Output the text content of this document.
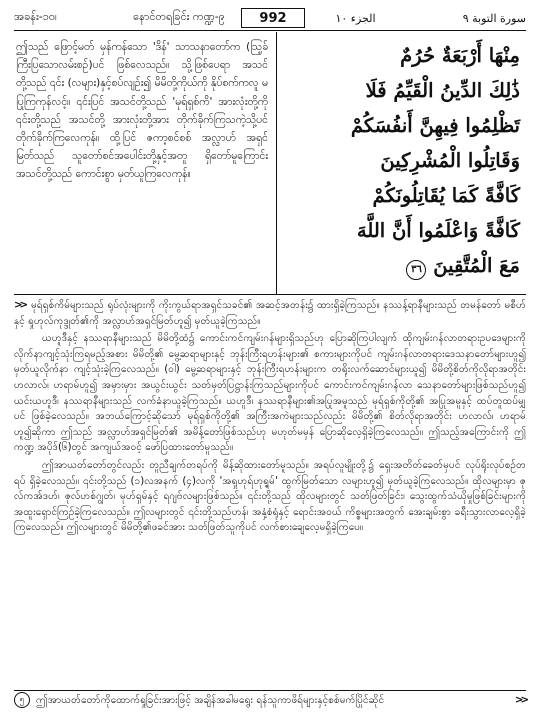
အခန်း-၁၀၊	နောင်တရခြင်း ကဏ္ဍ-၉	992	الجزء ١٠	سورة التوبة ٩
ဤသည် ဖြောင့်မတ် မှန်ကန်သော 'ဒိန်' သာသနာတော်က (ဩ့ခ်ကြီးပြသောလမ်းစဉ်)ပင် ဖြစ်လေသည်။ သို့ဖြစ်ပေရာ အသင်တို့သည် ၎င်း (လများ)နှင့်စပ်လျဉ်း၍ မိမိတို့ကိုယ်ကို နိုပ်စက်ကလူ မပြုကြကုန်လင့်။ ၎င်းပြင် အသင်တို့သည် 'မုရ်ရှစ်ကိ' အားလုံးတို့ကို ၎င်းတို့သည် အသင်တို့ အားလုံးတို့အား တိုက်ခိုက်ကြသကဲ့သို့ပင် တိုက်ခိုက်ကြလေကုန်။ ထို့ပြင် ဇကာ့စင်စစ် အလ္လာဟ် အရှင်မြတ်သည် သူတော်စင်အပေါင်းတို့နှင့်အတူ ရှိတော်မူကြောင်း အသင်တို့သည် ကောင်းစွာ မှတ်ယူကြလေကုန်။
مِنْهَا أَرْبَعَةٌ حُرُمٌ
ذَٰلِكَ الدِّينُ الْقَيِّمُ فَلَا
تَظْلِمُوا فِيهِنَّ أَنفُسَكُمْ
وَقَاتِلُوا الْمُشْرِكِينَ
كَافَّةً كَمَا يُقَاتِلُونَكُمْ
كَافَّةً وَاعْلَمُوا أَنَّ اللَّهَ
مَعَ الْمُتَّقِينَ ٣٦

>> မုရ်ရှစ်ကိမ်များသည် ရုပ်လုံးများကို ကိုးကွယ်ရာအရှင်သခင်၏ အဆင့်အတန်း၌ ထားရှိခဲ့ကြသည်။ နဿန့်ရာနီများသည် တမန်တော် မစီဟ်နှင့် ရှုဟုလ်ကုဒ္ဒုတ်၏ကို အလ္လာဟ်အရှင်မြတ်ဟူ၍ မှတ်ယူခဲ့ကြသည်။

ယဟူဒီနှင့် နဿရာနီများသည် မိမိတို့ထံ၌ ကောင်းကင်ကျမ်းဂန်များရှိသည်ဟု ပြောဆိုကြပါလျက် ထိုကျမ်းဂန်လာတရားဥပဒေများကို လိုက်နာကျင့်သုံးကြရမည့်အစား မိမိတို့၏ မွေ့ဆရာများနှင့် ဘုန်းကြီးရဟန်းများ၏ စကားများကိုပင် ကျမ်းဂန်လာတရားဒေသနာတော်များဟူ၍ မှတ်ယူလိုက်နာ ကျင့်သုံးခဲ့ကြလေသည်။ (ဝါ) မွေ့ဆရာများနှင့် ဘုန်းကြီးရဟန်းများက တရိုးလက်ဆောင်များယူ၍ မိမိတို့စိတ်ကိုလိုရာအတိုင်း ဟလာလ်၊ ဟရာမ်ဟူ၍ အမှားမှား အယွင်းယွင်း သတ်မှတ်ပြဋ္ဌာန်းကြသည်များကိုပင် ကောင်းကင်ကျမ်းဂန်လာ သေနာတော်များဖြစ်သည်ဟူ၍ ယင်းယဟူဒီ၊ နဿရာနီများသည် လက်ခံနာယူခဲ့ကြသည်။ ယဟူဒီ၊ နဿရာနီများ၏အပြုအမူသည် မုရ်ရှစ်ကိုတို့၏ အပြုအမူနှင့် ထပ်တူထပ်မျှပင် ဖြစ်ခဲ့လေသည်။ အဘယ်ကြောင့်ဆိုသော် မုရ်ရှစ်ကိုတို့၏ အကြီးအကဲများသည်လည်း မိမိတို့၏ စိတ်လိုရာအတိုင်း ဟလာလ်၊ ဟရာမ်ဟူ၍ဆိုကာ ဤသည် အလ္လာဟ်အရှင်မြတ်၏ အမိန့်တော်ဖြစ်သည်ဟု မဟုတ်မမှန် ပြောဆိုလေ့ရှိခဲ့ကြလေသည်။ ဤသည့်အကြောင်းကို ဤကဏ္ဍ အပိုဒ်(၆)တွင် အကျယ်အဝင့် ဖော်ပြထားတော်မူသည်။

ဤအာယတ်တော်တွင်လည်း တူညီချက်တရပ်ကို မိန့်ဆိုထားတော်မူသည်။ အရပ်လူမျိုးတို့၌ ရှေးအတိတ်ခေတ်မှပင် လုပ်ရိုးလုပ်စဉ်တရပ် ရှိခဲ့လေသည်။ ၎င်းတို့သည် (၁)လအနက် (၄)လကို 'အရှုဟုရ်ဟုရ္ရမ်' ထွက်မြတ်သော လများဟူ၍ မှတ်ယူခဲ့ကြလေသည်။ ထိုလများမှာ ဇုလ်ကအ်ဒဟ်၊ ဇုလ်ဟစ်ဂျွတ်၊ မုဟ်ရှမ်နှင့် ရဂျဗ်လများဖြစ်သည်။ ၎င်းတို့သည် ထိုလများတွင် သတ်ဖြတ်ခြင်း၊ သွေးထွက်သံယိုမှုဖြစ်ခြင်းများကို အထူးရှောင်ကြဉ်ခဲ့ကြလေသည်။ ဤလများတွင် ၎င်းတို့သည်ဟန်၊ အနှံ့စံရုံနှင့် ရောင်းအဝယ် ကိစ္စများအတွက် အေးချမ်းစွာ ခရီးသွားလာလေ့ရှိခဲ့ကြလေသည်။ ဤလများတွင် မိမိတို့၏ဖခင်အား သတ်ဖြတ်သူကိုပင် လက်စားချေလေ့မရှိခဲ့ကြပေ။

၅	ဤအာယတ်တော်ကိုထောက်ရှုခြင်းအားဖြင့် အချိန်အခါမရွေး ရန်သူကာဖိရ်များနှင့်စစ်မက်ပြိုင်ဆိုင်	>>
